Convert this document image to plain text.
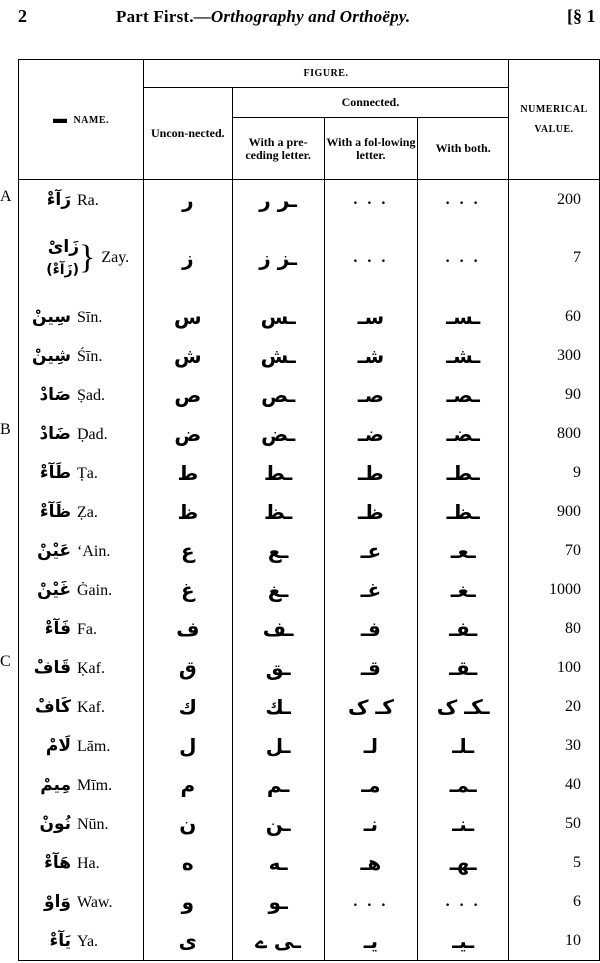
2	Part First.—Orthography and Orthoëpy.	[§ 1
A
B
C
▬ NAME.	FIGURE.				NUMERICAL VALUE.
	Uncon-nected.	Connected.			
		With a pre-ceding letter.	With a fol-lowing letter.	With both.	
رَآءْ Ra.	ر	ـر ر	. . .	. . .	200
زَایْ
(زَآءْ)} Zay.	ز	ـز ز	. . .	. . .	7
سِينْ Sīn.	س	ـس	سـ	ـسـ	60
شِينْ Śīn.	ش	ـش	شـ	ـشـ	300
صَادْ Ṣad.	ص	ـص	صـ	ـصـ	90
ضَادْ Ḍad.	ض	ـض	ضـ	ـضـ	800
طَآءْ Ṭa.	ط	ـط	طـ	ـطـ	9
ظَآءْ Ẓa.	ظ	ـظ	ظـ	ـظـ	900
عَيْنْ ‘Ain.	ع	ـع	عـ	ـعـ	70
غَيْنْ Ġain.	غ	ـغ	غـ	ـغـ	1000
فَآءْ Fa.	ف	ـف	فـ	ـفـ	80
قَافْ Ḳaf.	ق	ـق	قـ	ـقـ	100
كَافْ Kaf.	ك	ـك	كـ ک	ـكـ ک	20
لَامْ Lām.	ل	ـل	لـ	ـلـ	30
مِيمْ Mīm.	م	ـم	مـ	ـمـ	40
نُونْ Nūn.	ن	ـن	نـ	ـنـ	50
هَآءْ Ha.	ه	ـه	هـ	ـهـ	5
وَاوْ Waw.	و	ـو	. . .	. . .	6
يَآءْ Ya.	ى	ـى ے	يـ	ـيـ	10
